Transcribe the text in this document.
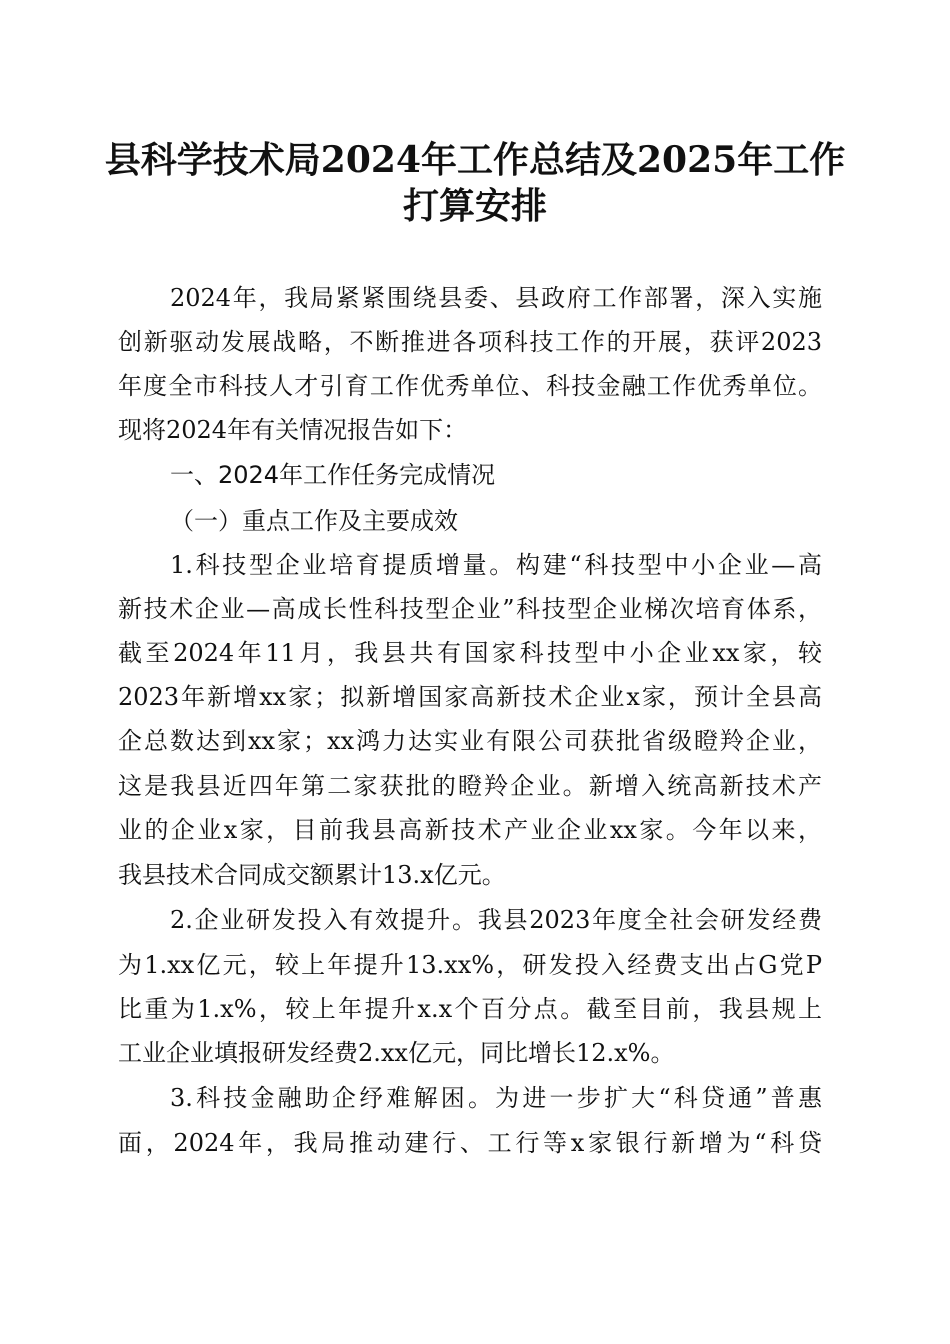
县科学技术局2024年工作总结及2025年工作
打算安排
2024年，我局紧紧围绕县委、县政府工作部署，深入实施
创新驱动发展战略，不断推进各项科技工作的开展，获评2023
年度全市科技人才引育工作优秀单位、科技金融工作优秀单位。
现将2024年有关情况报告如下：
一、2024年工作任务完成情况
（一）重点工作及主要成效
1.科技型企业培育提质增量。构建“科技型中小企业—高
新技术企业—高成长性科技型企业”科技型企业梯次培育体系，
截至2024年11月，我县共有国家科技型中小企业xx家，较
2023年新增xx家；拟新增国家高新技术企业x家，预计全县高
企总数达到xx家；xx鸿力达实业有限公司获批省级瞪羚企业，
这是我县近四年第二家获批的瞪羚企业。新增入统高新技术产
业的企业x家，目前我县高新技术产业企业xx家。今年以来，
我县技术合同成交额累计13.x亿元。
2.企业研发投入有效提升。我县2023年度全社会研发经费
为1.xx亿元，较上年提升13.xx%，研发投入经费支出占G党P
比重为1.x%，较上年提升x.x个百分点。截至目前，我县规上
工业企业填报研发经费2.xx亿元，同比增长12.x%。
3.科技金融助企纾难解困。为进一步扩大“科贷通”普惠
面，2024年，我局推动建行、工行等x家银行新增为“科贷
